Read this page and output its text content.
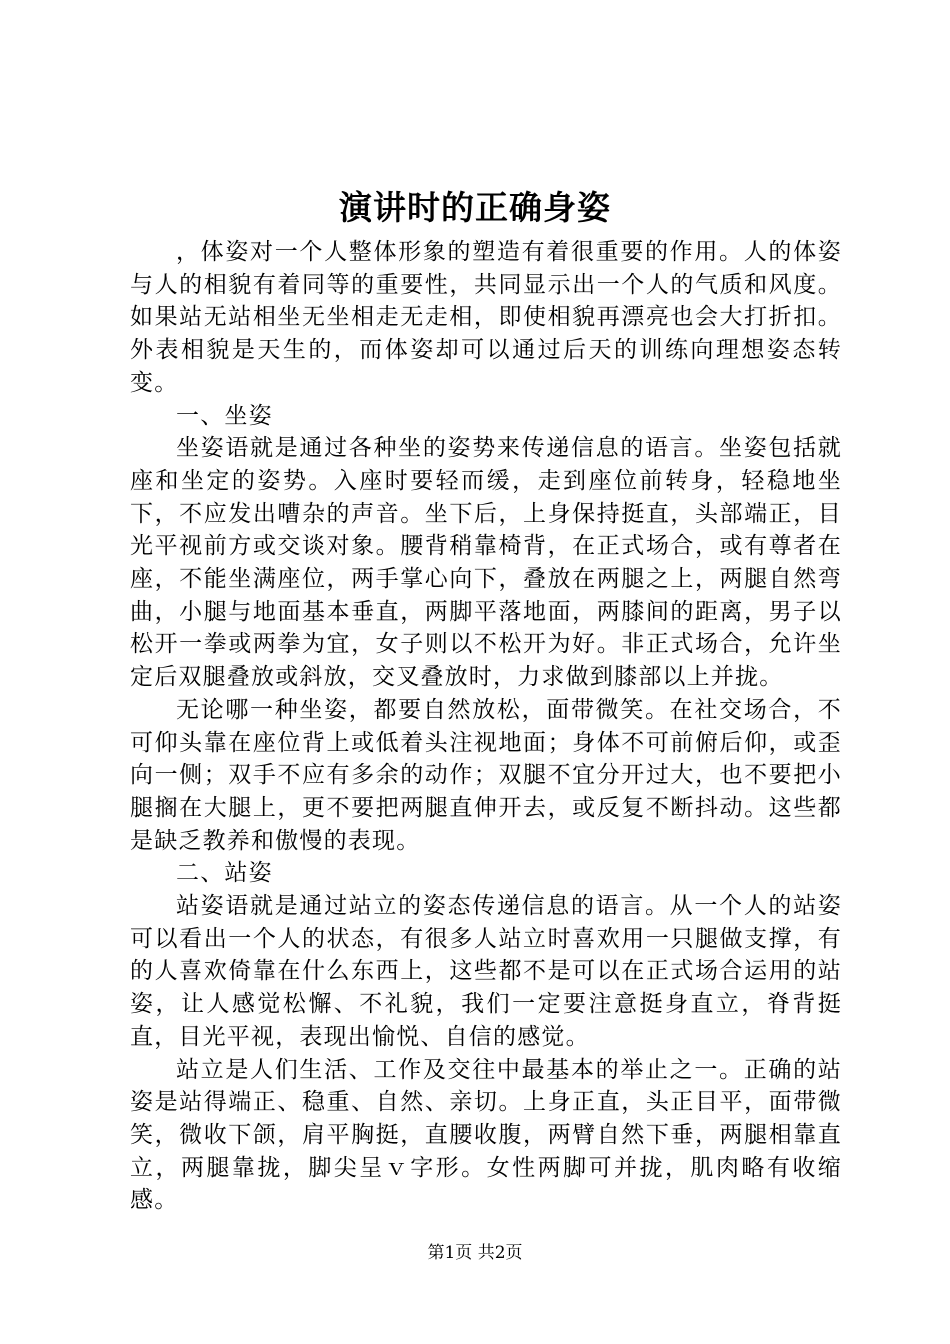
演讲时的正确身姿

，体姿对一个人整体形象的塑造有着很重要的作用。人的体姿与人的相貌有着同等的重要性，共同显示出一个人的气质和风度。如果站无站相坐无坐相走无走相，即使相貌再漂亮也会大打折扣。外表相貌是天生的，而体姿却可以通过后天的训练向理想姿态转变。

一、坐姿

坐姿语就是通过各种坐的姿势来传递信息的语言。坐姿包括就座和坐定的姿势。入座时要轻而缓，走到座位前转身，轻稳地坐下，不应发出嘈杂的声音。坐下后，上身保持挺直，头部端正，目光平视前方或交谈对象。腰背稍靠椅背，在正式场合，或有尊者在座，不能坐满座位，两手掌心向下，叠放在两腿之上，两腿自然弯曲，小腿与地面基本垂直，两脚平落地面，两膝间的距离，男子以松开一拳或两拳为宜，女子则以不松开为好。非正式场合，允许坐定后双腿叠放或斜放，交叉叠放时，力求做到膝部以上并拢。

无论哪一种坐姿，都要自然放松，面带微笑。在社交场合，不可仰头靠在座位背上或低着头注视地面；身体不可前俯后仰，或歪向一侧；双手不应有多余的动作；双腿不宜分开过大，也不要把小腿搁在大腿上，更不要把两腿直伸开去，或反复不断抖动。这些都是缺乏教养和傲慢的表现。

二、站姿

站姿语就是通过站立的姿态传递信息的语言。从一个人的站姿可以看出一个人的状态，有很多人站立时喜欢用一只腿做支撑，有的人喜欢倚靠在什么东西上，这些都不是可以在正式场合运用的站姿，让人感觉松懈、不礼貌，我们一定要注意挺身直立，脊背挺直，目光平视，表现出愉悦、自信的感觉。

站立是人们生活、工作及交往中最基本的举止之一。正确的站姿是站得端正、稳重、自然、亲切。上身正直，头正目平，面带微笑，微收下颌，肩平胸挺，直腰收腹，两臂自然下垂，两腿相靠直立，两腿靠拢，脚尖呈ｖ字形。女性两脚可并拢，肌肉略有收缩感。

第1页 共2页
